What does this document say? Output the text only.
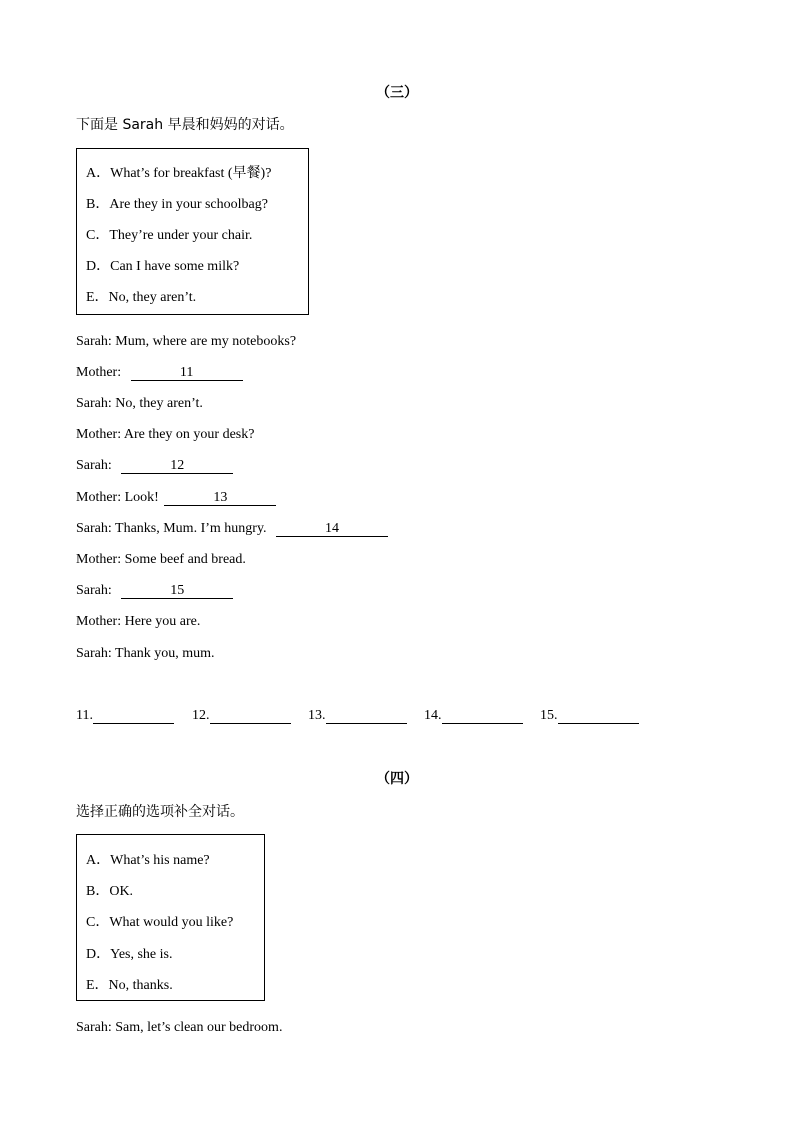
（三）
下面是 Sarah 早晨和妈妈的对话。
A．What’s for breakfast (早餐)?
B．Are they in your schoolbag?
C．They’re under your chair.
D．Can I have some milk?
E．No, they aren’t.
Sarah: Mum, where are my notebooks?
Mother:	11
Sarah: No, they aren’t.
Mother: Are they on your desk?
Sarah:	12
Mother: Look!	13
Sarah: Thanks, Mum. I’m hungry.	14
Mother: Some beef and bread.
Sarah:	15
Mother: Here you are.
Sarah: Thank you, mum.
11.	12.	13.	14.	15.
（四）
选择正确的选项补全对话。
A．What’s his name?
B．OK.
C．What would you like?
D．Yes, she is.
E．No, thanks.
Sarah: Sam, let’s clean our bedroom.
